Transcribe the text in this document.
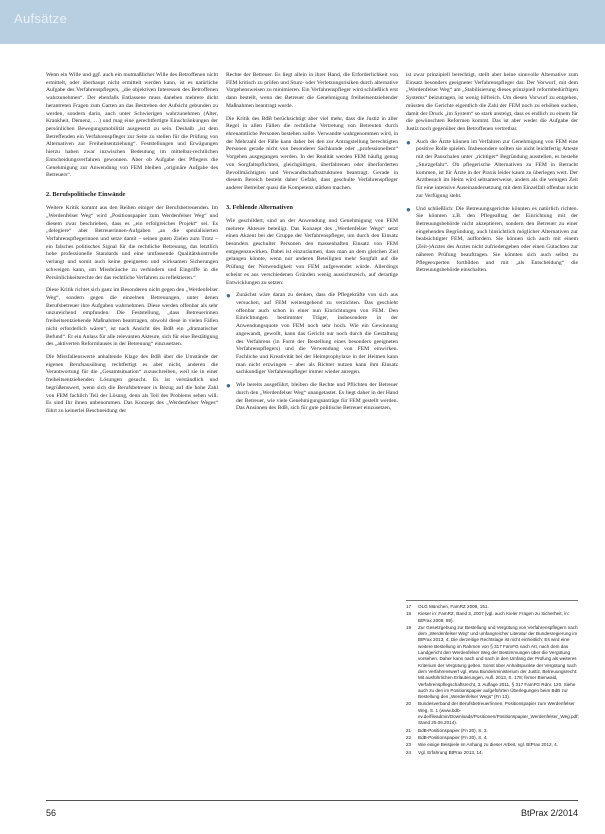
Aufsätze

Wenn ein Wille und ggf. auch ein mutmaßlicher Wille des Betroffenen nicht ermittelt, oder überhaupt nicht ermittelt werden kann, ist es natürliche Aufgabe des Verfahrenspflegers, „die objektiven Interessen des Betroffenen wahrzunehmen“. Der ebenfalls Entlassene muss daneben mehrere dicht herantreten Fragen zum Garten an das Bestreben der Aufsicht gebunden zu werden, sondern darin, auch unter Schwierigen wahrzunehmen (Alter, Krankheit, Demenz, …) und mag eine gerechtfertigte Einschränkungen der persönlichen Bewegungsmobilität ausgesetzt zu sein. Deshalb „ist dem Betreffenden ein Verfahrenspfleger zur Seite zu stellen für die Prüfung von Alternativen zur Freiheitsentziehung“. Feststellungen und Erwägungen hierzu haben zwar inzwischen Bedeutung im mittelbar-rechtlichen Entscheidungsverfahren gewonnen. Aber ob Aufgabe des Pflegers die Genehmigung zur Anwendung von FEM bleiben „originäre Aufgabe des Betreuers“.

2. Berufspolitische Einwände

Weitere Kritik kommt aus den Reihen einiger der Berufsbetreuenden. Im „Werdenfelser Weg“ wird „Positionspapier zum Werdenfelser Weg“ und diesem zwar beschrieben, dass es „ein erfolgreiches Projekt“ sei. Es „delegiere“ aber Betreuerinnen-Aufgaben „an die spezialisierten Verfahrenspflegerinnen und setze damit – seinen guten Zielen zum Trotz – ein falsches politisches Signal für die rechtliche Betreuung, das letztlich hohe professionelle Standards und eine umfassende Qualitätskontrolle verlangt und somit auch keine geeigneten und wirksamen Sicherungen schweigen kann, um Missbräuche zu verhindern und Eingriffe in die Persönlichkeitsrechte der das rechtliche Verfahren zu reflektieren.“

Diese Kritik richtet sich ganz im Besonderen nicht gegen den „Werdenfelser Weg“, sondern gegen die einzelnen Betreuungen, unter denen Berufsbetreuer ihre Aufgaben wahrnehmen. Diese werden offenbar als sehr unzureichend empfunden. Die Feststellung, „dass Betreuerinnen freiheitsentziehende Maßnahmen beantragen, obwohl diese in vielen Fällen nicht erforderlich wären“, ist nach Ansicht des BdB ein „dramatischer Befund“. Er ein Anlass für alle relevanten Akteure, sich für eine Bestätigung des „aktiverten Reformlauses in der Betreuung“ einzusetzen.

Die Missfallenswerte anhaltende Klage des BdB über die Umstände der eigenen Berufsausübung rechtfertigt es aber nicht, anderen die Verantwortung für die „Gesamtsituation“ zuzuschreiben, weil sie in einer freiheitsentziehenden Lösungen gesucht. Es ist verständlich und begrüßenswert, wenn sich die Berufsbetreuer in Bezug auf die hohe Zahl von FEM fachlich Teil der Lösung, denn als Teil des Problems sehen will. Es sind Ihr ihnen unbenommen. Das Konzept des „Werdenfelser Weges“ führt zu keinerlei Beschneidung der

Rechte der Betreuer. Es liegt allein in ihrer Hand, die Erforderlichkeit von FEM kritisch zu prüfen und Sturz- oder Verletzungsrisiken durch alternative Vorgehensweisen zu minimieren. Ein Verfahrenspfleger wird schließlich erst dann bestellt, wenn der Betreuer die Genehmigung freiheitsentziehender Maßnahmen beantragt wurde.

Die Kritik des BdB berücksichtigt aber viel mehr, dass die Justiz in aller Regel in allen Fällen die rechtliche Vertretung von Betreuten durch ehrenamtliche Personen bestehen sollte. Verwandte wahrgenommen wird, in der Mehrzahl der Fälle kann daher bei den zur Antragstellung berechtigten Personen gerade nicht von besonderer Sachkunde oder „professionellem“ Vorgehen ausgegangen werden. In der Realität werden FEM häufig genug von Sorgfaltspflichten, gleichgültigen, überfahrenen oder überforderten Bevollmächtigten und Verwandtschaftsstrukturen beantragt. Gerade in diesem Bereich besteht daher Gefahr, dass geschulte Verfahrenspfleger anderer Betreiber quasi die Kompetenz stärken machen.

3. Fehlende Alternativen

Wie geschildert, sind an der Anwendung und Genehmigung von FEM mehrere Akteure beteiligt. Das Konzept des „Werdenfelser Wegs“ setzt einen Akzent bei der Gruppe der Verfahrenspfleger, um durch den Einsatz besonders geschulter Personen den massenhaften Einsatz von FEM entgegenzuwirken. Dabei ist einzuräumen, dass man an dem gleichen Ziel gelangen könnte, wenn nur anderen Beteiligten mehr Sorgfalt auf die Prüfung der Notwendigkeit von FEM aufgewendet würde. Allerdings scheint es aus verschiedenen Gründen wenig aussichtsreich, auf derartige Entwicklungen zu setzen:

● Zunächst wäre daran zu denken, dass die Pflegekräfte von sich aus versuchen, auf FEM weitestgehend zu verzichten. Das geschieht offenbar auch schon in einer nun Einrichtungen von FEM. Den Einrichtungen bestimmter Träger, insbesondere in der Anwendungsquote von FEM noch sehr hoch. Wie ein Gewinnung angewandt, gewollt, kann das Gericht nur noch durch die Gestaltung des Verfahrens (in Form der Bestellung eines besonders geeigneten Verfahrenspflegers) und die Verwendung von FEM einwirken. Fachliche und Kreativität bei der Heimprophylaxe in der Heimen kann man nicht erzwingen – aber als Richter nutzen kann ihm Einsatz sachkundiger Verfahrenspfleger immer wieder anregen.
● Wie bereits ausgeführt, bleiben die Rechte und Pflichten der Betreuer durch den „Werdenfelser Weg“ unangetastet. Es liegt daher in der Hand der Betreuer, wie viele Genehmigungsanträge für FEM gestellt werden. Das Ansinnen des BdB, sich für gute politische Betreuer einzusetzen,

ist zwar prinzipiell berechtigt, stellt aber keine sinnvolle Alternative zum Einsatz besonders geeigneter Verfahrenspfleger dar. Der Vorwurf, mit dem „Werdenfelser Weg“ am „Stabilisierung dieses prinzipiell reformbedürftigen Systems“ beizutragen, ist wenig hilfreich. Um diesen Vorwurf zu entgehen, müssten die Gerichte eigentlich die Zahl der FEM noch zu erhöhen suchen, damit der Druck „im System“ so stark ansteigt, dass es endlich zu einem für die gewünschten Reformen kommt. Das ist aber weder die Aufgabe der Justiz noch gegenüber den Betroffenen vertretbar.

● Auch die Ärzte können im Verfahren zur Genehmigung von FEM eine positive Rolle spielen. Insbesondere sollten sie nicht leichtfertig Atteste mit der Pauschalen unter „richtiger“ Begründung ausstellen, es bestehe „Sturzgefahr“. Ob pflegerische Alternativen zu FEM in Betracht kommen, ist für Ärzte in der Praxis leider kaum zu überlegen wert. Der Arztbesuch im Heim wird seltsamerweise, anders als die wenigen Zeit für eine intensive Auseinandersetzung mit dem Einzelfall offenbar nicht zur Verfügung steht.
● Und schließlich: Die Betreuungsgerichte könnten es natürlich richten. Sie könnten z.B. den Pflegealltag der Einrichtung mit der Betreuungsbehörde nicht akzeptieren, sondern den Betreuer zu einer eingehenden Begründung, auch hinsichtlich möglicher Alternativen zur beabsichtigter FEM, auffordern. Sie können sich auch mit einem (Zeit-)Arztes des Arztes nicht zufriedengeben oder einen Gutachten zur näheren Prüfung beauftragen. Sie könnten sich auch selbst zu Pflegeexperten fortbilden und mit „als Entscheidung“ die Betreuungsbehörde einschalten.
17	OLG München, FamRZ 2009, 151.
18	Kieser in: FamRZ, Band 3, 2007 (vgl. auch Kieler Fragen zu Sicherheit, in: BtPrax 2009, 89).
19	Zur Gesetzgebung zur Bestellung und Vergütung von Verfahrenspflegern nach dem „Werdenfelser Weg“ und umfangreicher Literatur der Bundesregierung im BtPrax 2013, 4; Die derzeitige Rechtslage ist nicht einheitlich: Es wird eine weitere Bestellung im Rahmen von § 317 FamFG nach Art, nach dem das Landgericht den Werdenfelser Weg der Bestimmungen über die Vergütung vorsehen. Daher kann nach und nach in den Umfang der Prüfung als weiteres Kriterium der Vergütung gelten. Sonst über Anhaltspunkte der Vergütung nach dem Verfahrenswert vgl. etwa Bundesministerium der Justiz, Betreuungsrecht: Mit ausführlichen Erläuterungen, Aufl. 2013, S. 178; ferner Bienwald, Verfahrenspflegschaftsrecht, 3. Auflage 2011, § 317 FamFG Rdnr. 120. Siehe auch zu den im Positionspapier aufgeführten Überlegungen beim BdB zur Bestellung des „Werdenfelser Wegs“ (Fn 13).
20	Bundesverband der Berufsbetreuer/innen, Positionspapier zum Werdenfelser Weg, S. 1 (www.bdb-ev.de/fileadmin/Downloads/Positionen/Positionspapier_Werdenfelser_Weg.pdf; Stand 25.06.2014).
21	BdB-Positionspapier (Fn 20), S. 3.
22	BdB-Positionspapier (Fn 20), S. 4.
23	Wie einige Beispiele im Anhang zu dieser Arbeit, vgl. BtPrax 2012, 4.
24	Vgl. Erfahrung BtPrax 2013, 14.
56	BtPrax 2/2014
